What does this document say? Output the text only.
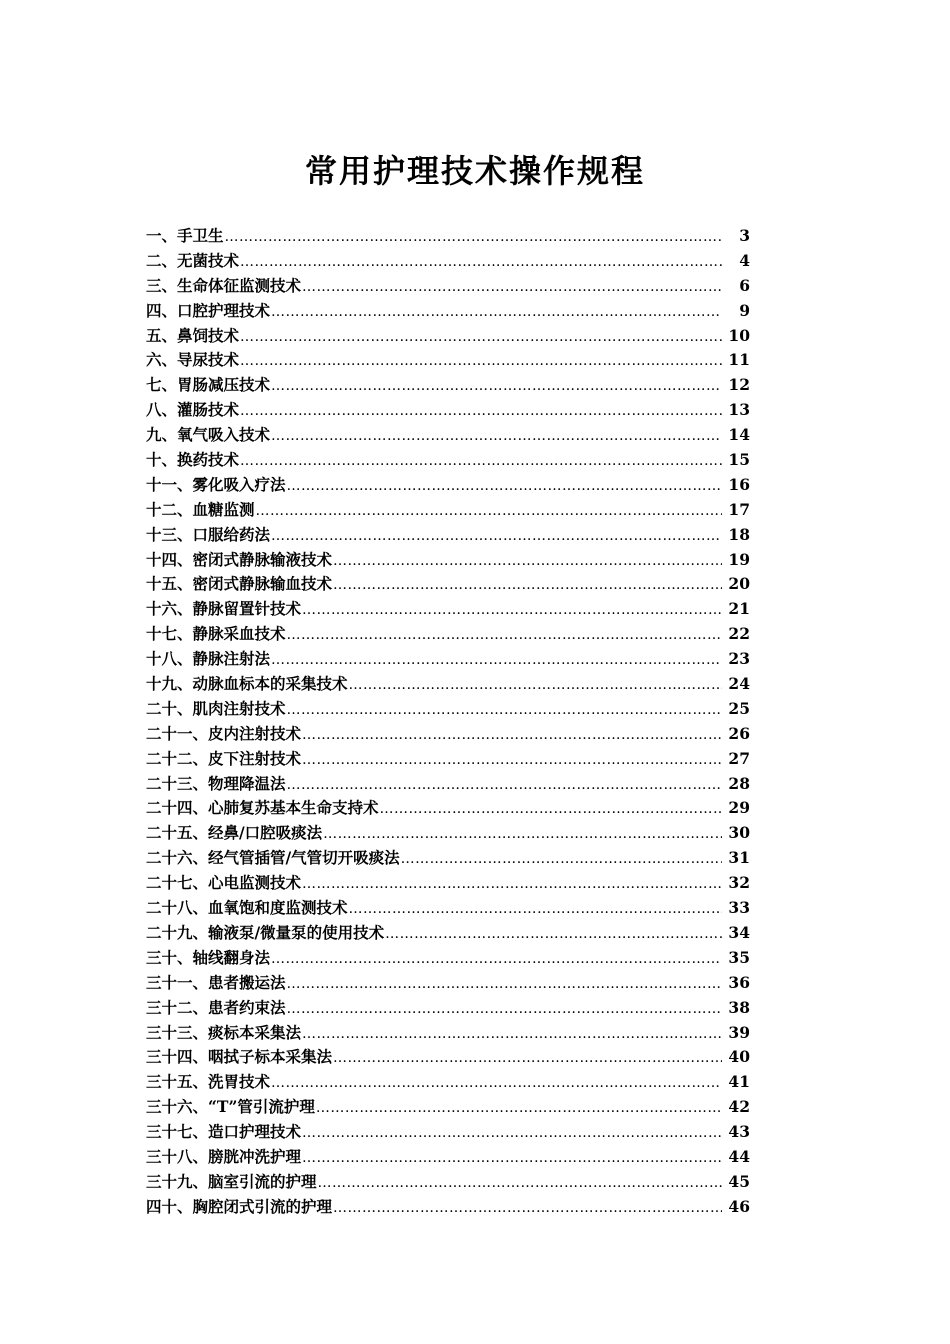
常用护理技术操作规程
一、手卫生 ………………………………………………………………………………………………………………………………………………………………………………………………………	3
二、无菌技术 ………………………………………………………………………………………………………………………………………………………………………………………………………	4
三、生命体征监测技术 ………………………………………………………………………………………………………………………………………………………………………………………………………	6
四、口腔护理技术 ………………………………………………………………………………………………………………………………………………………………………………………………………	9
五、鼻饲技术 ………………………………………………………………………………………………………………………………………………………………………………………………………	10
六、导尿技术 ………………………………………………………………………………………………………………………………………………………………………………………………………	11
七、胃肠减压技术 ………………………………………………………………………………………………………………………………………………………………………………………………………	12
八、灌肠技术 ………………………………………………………………………………………………………………………………………………………………………………………………………	13
九、氧气吸入技术 ………………………………………………………………………………………………………………………………………………………………………………………………………	14
十、换药技术 ………………………………………………………………………………………………………………………………………………………………………………………………………	15
十一、雾化吸入疗法 ………………………………………………………………………………………………………………………………………………………………………………………………………	16
十二、血糖监测 ………………………………………………………………………………………………………………………………………………………………………………………………………	17
十三、口服给药法 ………………………………………………………………………………………………………………………………………………………………………………………………………	18
十四、密闭式静脉输液技术 ………………………………………………………………………………………………………………………………………………………………………………………………………	19
十五、密闭式静脉输血技术 ………………………………………………………………………………………………………………………………………………………………………………………………………	20
十六、静脉留置针技术 ………………………………………………………………………………………………………………………………………………………………………………………………………	21
十七、静脉采血技术 ………………………………………………………………………………………………………………………………………………………………………………………………………	22
十八、静脉注射法 ………………………………………………………………………………………………………………………………………………………………………………………………………	23
十九、动脉血标本的采集技术 ………………………………………………………………………………………………………………………………………………………………………………………………………	24
二十、肌肉注射技术 ………………………………………………………………………………………………………………………………………………………………………………………………………	25
二十一、皮内注射技术 ………………………………………………………………………………………………………………………………………………………………………………………………………	26
二十二、皮下注射技术 ………………………………………………………………………………………………………………………………………………………………………………………………………	27
二十三、物理降温法 ………………………………………………………………………………………………………………………………………………………………………………………………………	28
二十四、心肺复苏基本生命支持术 ………………………………………………………………………………………………………………………………………………………………………………………………………	29
二十五、经鼻/口腔吸痰法 ………………………………………………………………………………………………………………………………………………………………………………………………………	30
二十六、经气管插管/气管切开吸痰法 ………………………………………………………………………………………………………………………………………………………………………………………………………	31
二十七、心电监测技术 ………………………………………………………………………………………………………………………………………………………………………………………………………	32
二十八、血氧饱和度监测技术 ………………………………………………………………………………………………………………………………………………………………………………………………………	33
二十九、输液泵/微量泵的使用技术 ………………………………………………………………………………………………………………………………………………………………………………………………………	34
三十、轴线翻身法 ………………………………………………………………………………………………………………………………………………………………………………………………………	35
三十一、患者搬运法 ………………………………………………………………………………………………………………………………………………………………………………………………………	36
三十二、患者约束法 ………………………………………………………………………………………………………………………………………………………………………………………………………	38
三十三、痰标本采集法 ………………………………………………………………………………………………………………………………………………………………………………………………………	39
三十四、咽拭子标本采集法 ………………………………………………………………………………………………………………………………………………………………………………………………………	40
三十五、洗胃技术 ………………………………………………………………………………………………………………………………………………………………………………………………………	41
三十六、“T”管引流护理 ………………………………………………………………………………………………………………………………………………………………………………………………………	42
三十七、造口护理技术 ………………………………………………………………………………………………………………………………………………………………………………………………………	43
三十八、膀胱冲洗护理 ………………………………………………………………………………………………………………………………………………………………………………………………………	44
三十九、脑室引流的护理 ………………………………………………………………………………………………………………………………………………………………………………………………………	45
四十、胸腔闭式引流的护理 ………………………………………………………………………………………………………………………………………………………………………………………………………	46
